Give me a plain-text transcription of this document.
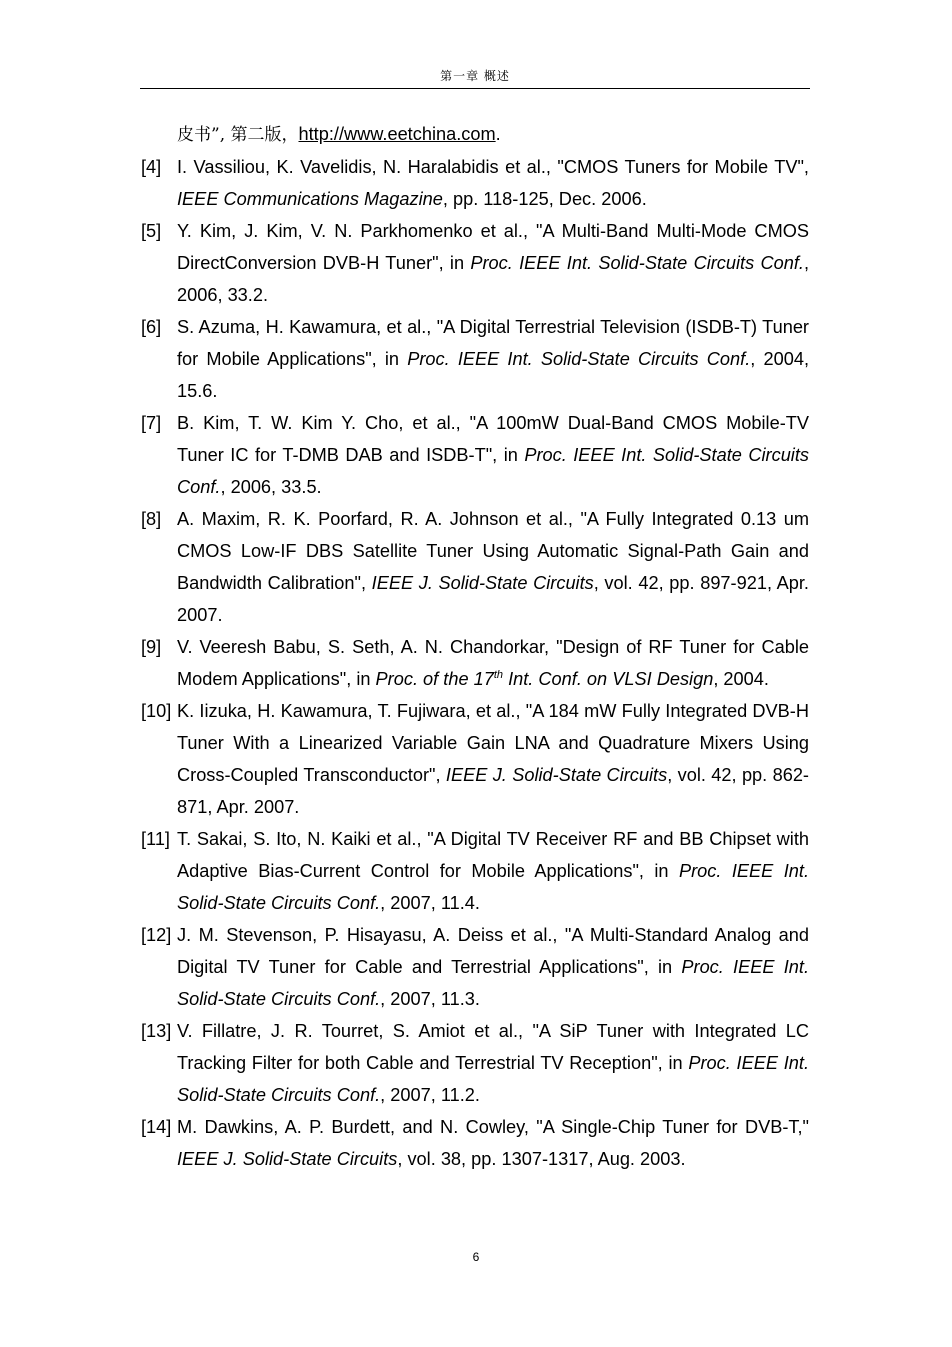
第一章 概述
皮书”, 第二版，http://www.eetchina.com.
[4] I. Vassiliou, K. Vavelidis, N. Haralabidis et al., "CMOS Tuners for Mobile TV", IEEE Communications Magazine, pp. 118-125, Dec. 2006.
[5] Y. Kim, J. Kim, V. N. Parkhomenko et al., "A Multi-Band Multi-Mode CMOS DirectConversion DVB-H Tuner", in Proc. IEEE Int. Solid-State Circuits Conf., 2006, 33.2.
[6] S. Azuma, H. Kawamura, et al., "A Digital Terrestrial Television (ISDB-T) Tuner for Mobile Applications", in Proc. IEEE Int. Solid-State Circuits Conf., 2004, 15.6.
[7] B. Kim, T. W. Kim Y. Cho, et al., "A 100mW Dual-Band CMOS Mobile-TV Tuner IC for T-DMB DAB and ISDB-T", in Proc. IEEE Int. Solid-State Circuits Conf., 2006, 33.5.
[8] A. Maxim, R. K. Poorfard, R. A. Johnson et al., "A Fully Integrated 0.13 um CMOS Low-IF DBS Satellite Tuner Using Automatic Signal-Path Gain and Bandwidth Calibration", IEEE J. Solid-State Circuits, vol. 42, pp. 897-921, Apr. 2007.
[9] V. Veeresh Babu, S. Seth, A. N. Chandorkar, "Design of RF Tuner for Cable Modem Applications", in Proc. of the 17th Int. Conf. on VLSI Design, 2004.
[10] K. Iizuka, H. Kawamura, T. Fujiwara, et al., "A 184 mW Fully Integrated DVB-H Tuner With a Linearized Variable Gain LNA and Quadrature Mixers Using Cross-Coupled Transconductor", IEEE J. Solid-State Circuits, vol. 42, pp. 862-871, Apr. 2007.
[11] T. Sakai, S. Ito, N. Kaiki et al., "A Digital TV Receiver RF and BB Chipset with Adaptive Bias-Current Control for Mobile Applications", in Proc. IEEE Int. Solid-State Circuits Conf., 2007, 11.4.
[12] J. M. Stevenson, P. Hisayasu, A. Deiss et al., "A Multi-Standard Analog and Digital TV Tuner for Cable and Terrestrial Applications", in Proc. IEEE Int. Solid-State Circuits Conf., 2007, 11.3.
[13] V. Fillatre, J. R. Tourret, S. Amiot et al., "A SiP Tuner with Integrated LC Tracking Filter for both Cable and Terrestrial TV Reception", in Proc. IEEE Int. Solid-State Circuits Conf., 2007, 11.2.
[14] M. Dawkins, A. P. Burdett, and N. Cowley, "A Single-Chip Tuner for DVB-T," IEEE J. Solid-State Circuits, vol. 38, pp. 1307-1317, Aug. 2003.
6
